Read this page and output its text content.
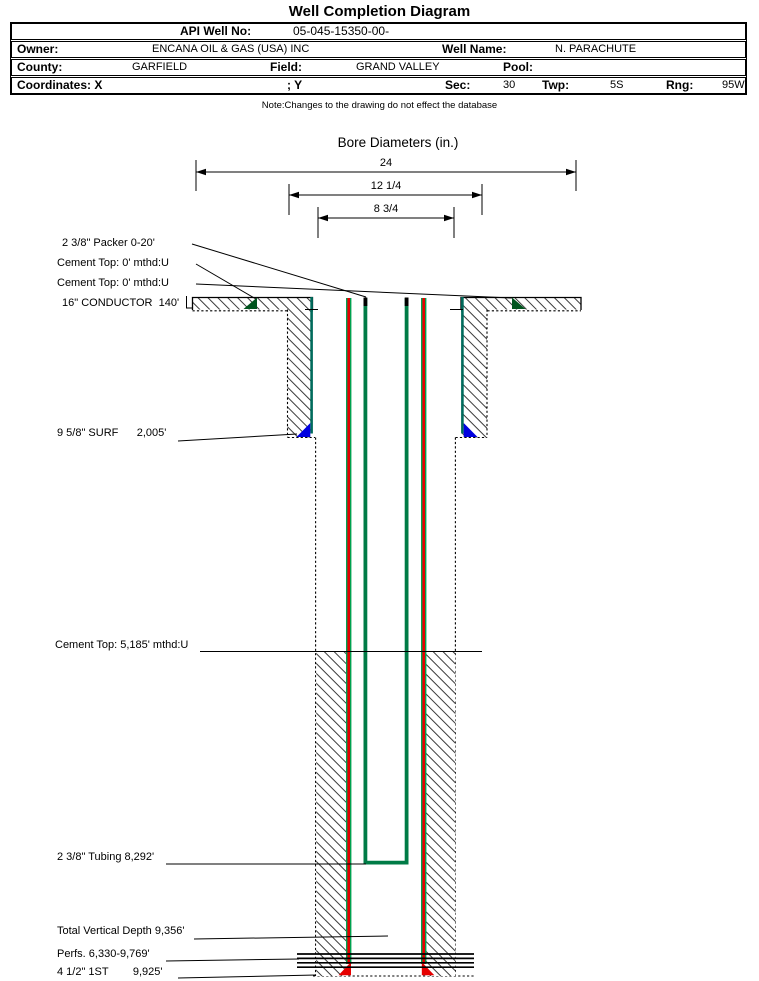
Well Completion Diagram
API Well No:	05-045-15350-00-
Owner:	ENCANA OIL & GAS (USA) INC	Well Name:	N. PARACHUTE
County:	GARFIELD	Field:	GRAND VALLEY	Pool:
Coordinates: X	; Y	Sec:	30 Twp:	5S	Rng:	95W
Note:Changes to the drawing do not effect the database
Bore Diameters (in.)
24
12 1/4
8 3/4
2 3/8" Packer 0-20'
Cement Top: 0' mthd:U
Cement Top: 0' mthd:U
16" CONDUCTOR  140'
9 5/8" SURF      2,005'
Cement Top: 5,185' mthd:U
2 3/8" Tubing 8,292'
Total Vertical Depth 9,356'
Perfs. 6,330-9,769'
4 1/2" 1ST        9,925'
